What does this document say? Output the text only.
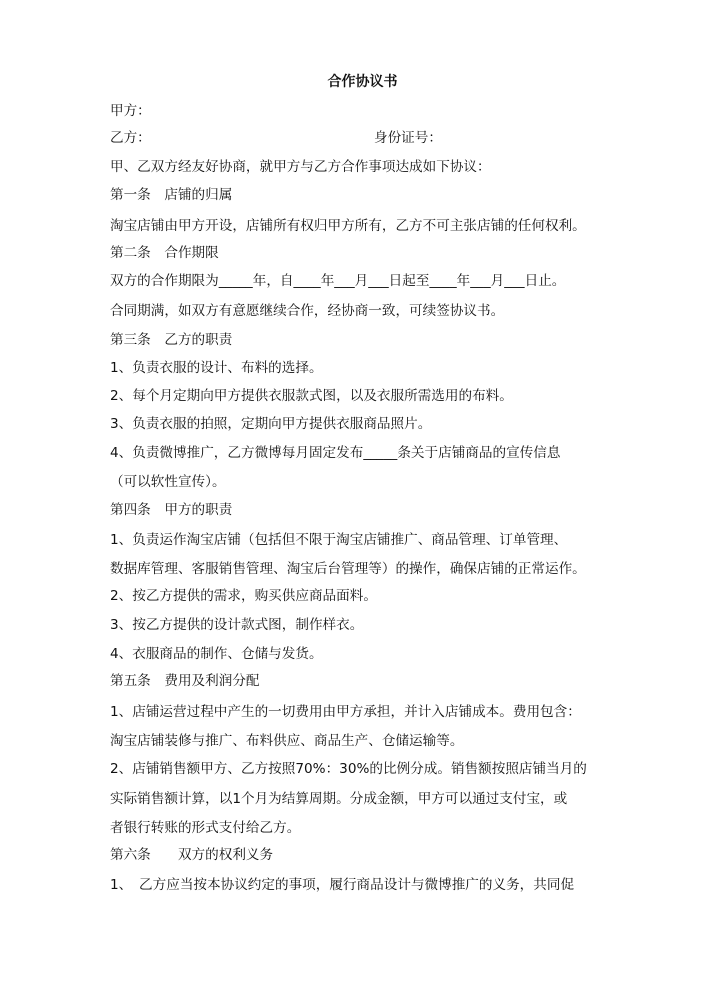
合作协议书
甲方：
乙方：	身份证号：
甲、乙双方经友好协商，就甲方与乙方合作事项达成如下协议：
第一条　店铺的归属
淘宝店铺由甲方开设，店铺所有权归甲方所有，乙方不可主张店铺的任何权利。
第二条　合作期限
双方的合作期限为_____年，自____年___月___日起至____年___月___日止。
合同期满，如双方有意愿继续合作，经协商一致，可续签协议书。
第三条　乙方的职责
1、负责衣服的设计、布料的选择。
2、每个月定期向甲方提供衣服款式图，以及衣服所需选用的布料。
3、负责衣服的拍照，定期向甲方提供衣服商品照片。
4、负责微博推广，乙方微博每月固定发布_____条关于店铺商品的宣传信息
（可以软性宣传）。
第四条　甲方的职责
1、负责运作淘宝店铺（包括但不限于淘宝店铺推广、商品管理、订单管理、
数据库管理、客服销售管理、淘宝后台管理等）的操作，确保店铺的正常运作。
2、按乙方提供的需求，购买供应商品面料。
3、按乙方提供的设计款式图，制作样衣。
4、衣服商品的制作、仓储与发货。
第五条　费用及利润分配
1、店铺运营过程中产生的一切费用由甲方承担，并计入店铺成本。费用包含：
淘宝店铺装修与推广、布料供应、商品生产、仓储运输等。
2、店铺销售额甲方、乙方按照70%：30%的比例分成。销售额按照店铺当月的
实际销售额计算，以1个月为结算周期。分成金额，甲方可以通过支付宝，或
者银行转账的形式支付给乙方。
第六条　　双方的权利义务
1、　乙方应当按本协议约定的事项，履行商品设计与微博推广的义务，共同促
